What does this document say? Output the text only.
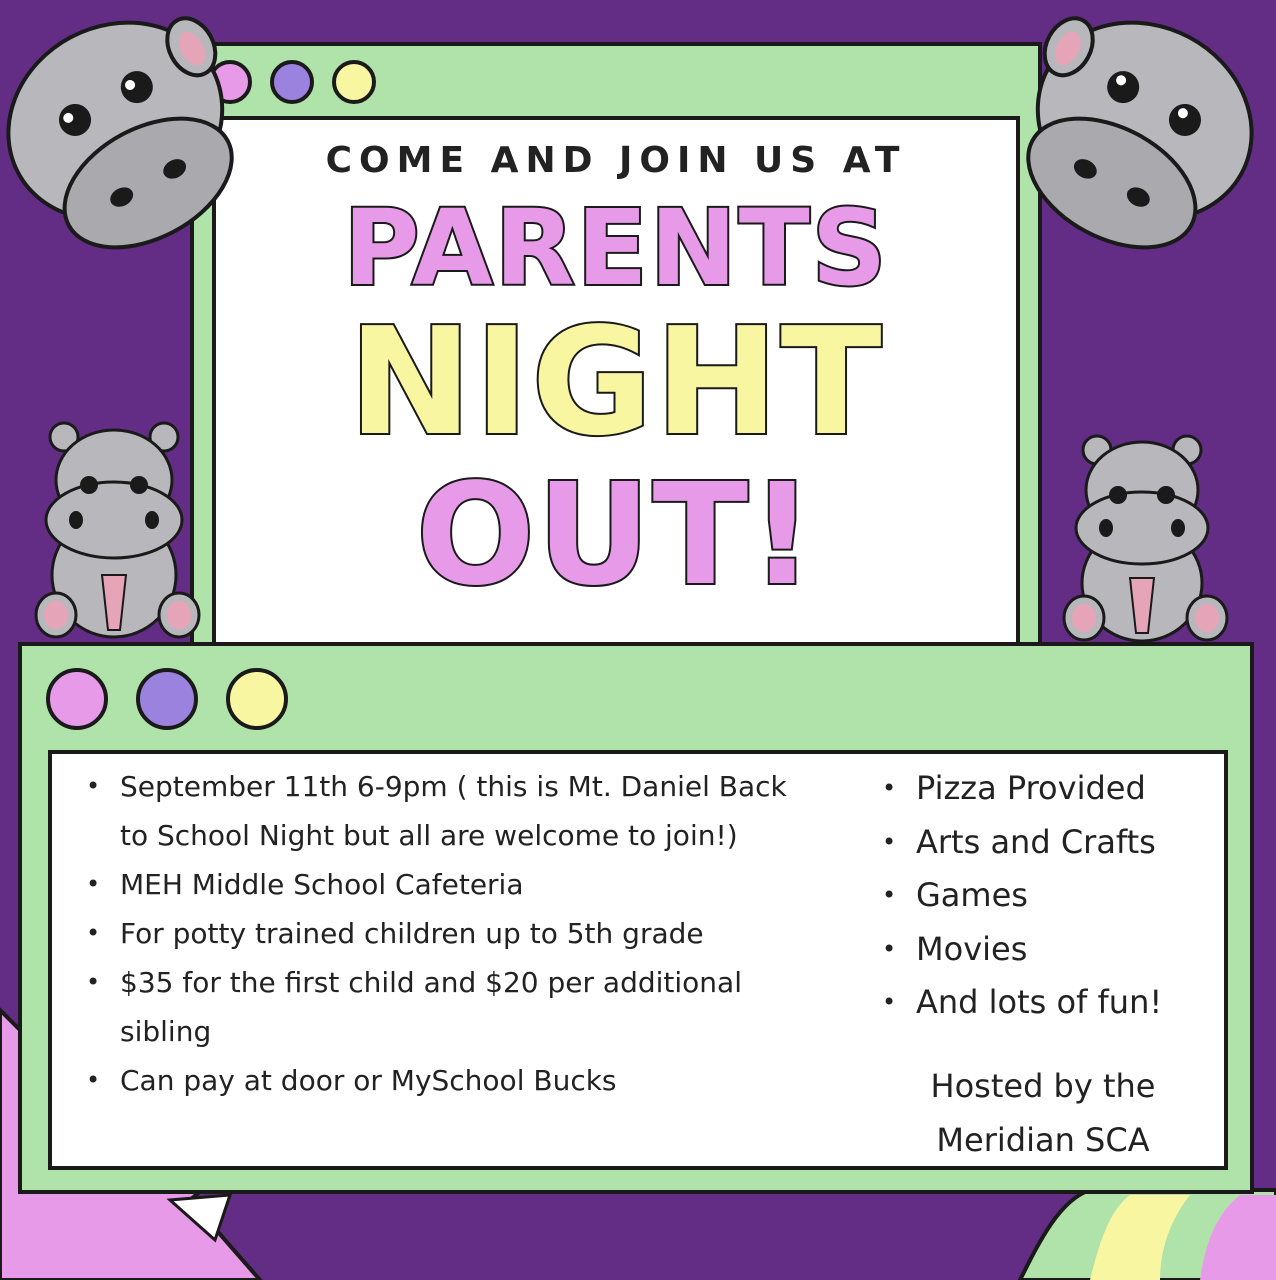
COME AND JOIN US AT
PARENTS
NIGHT
OUT!
• September 11th 6-9pm ( this is Mt. Daniel Back to School Night but all are welcome to join!)
• MEH Middle School Cafeteria
• For potty trained children up to 5th grade
• $35 for the first child and $20 per additional sibling
• Can pay at door or MySchool Bucks
• Pizza Provided
• Arts and Crafts
• Games
• Movies
• And lots of fun!
Hosted by the
Meridian SCA
